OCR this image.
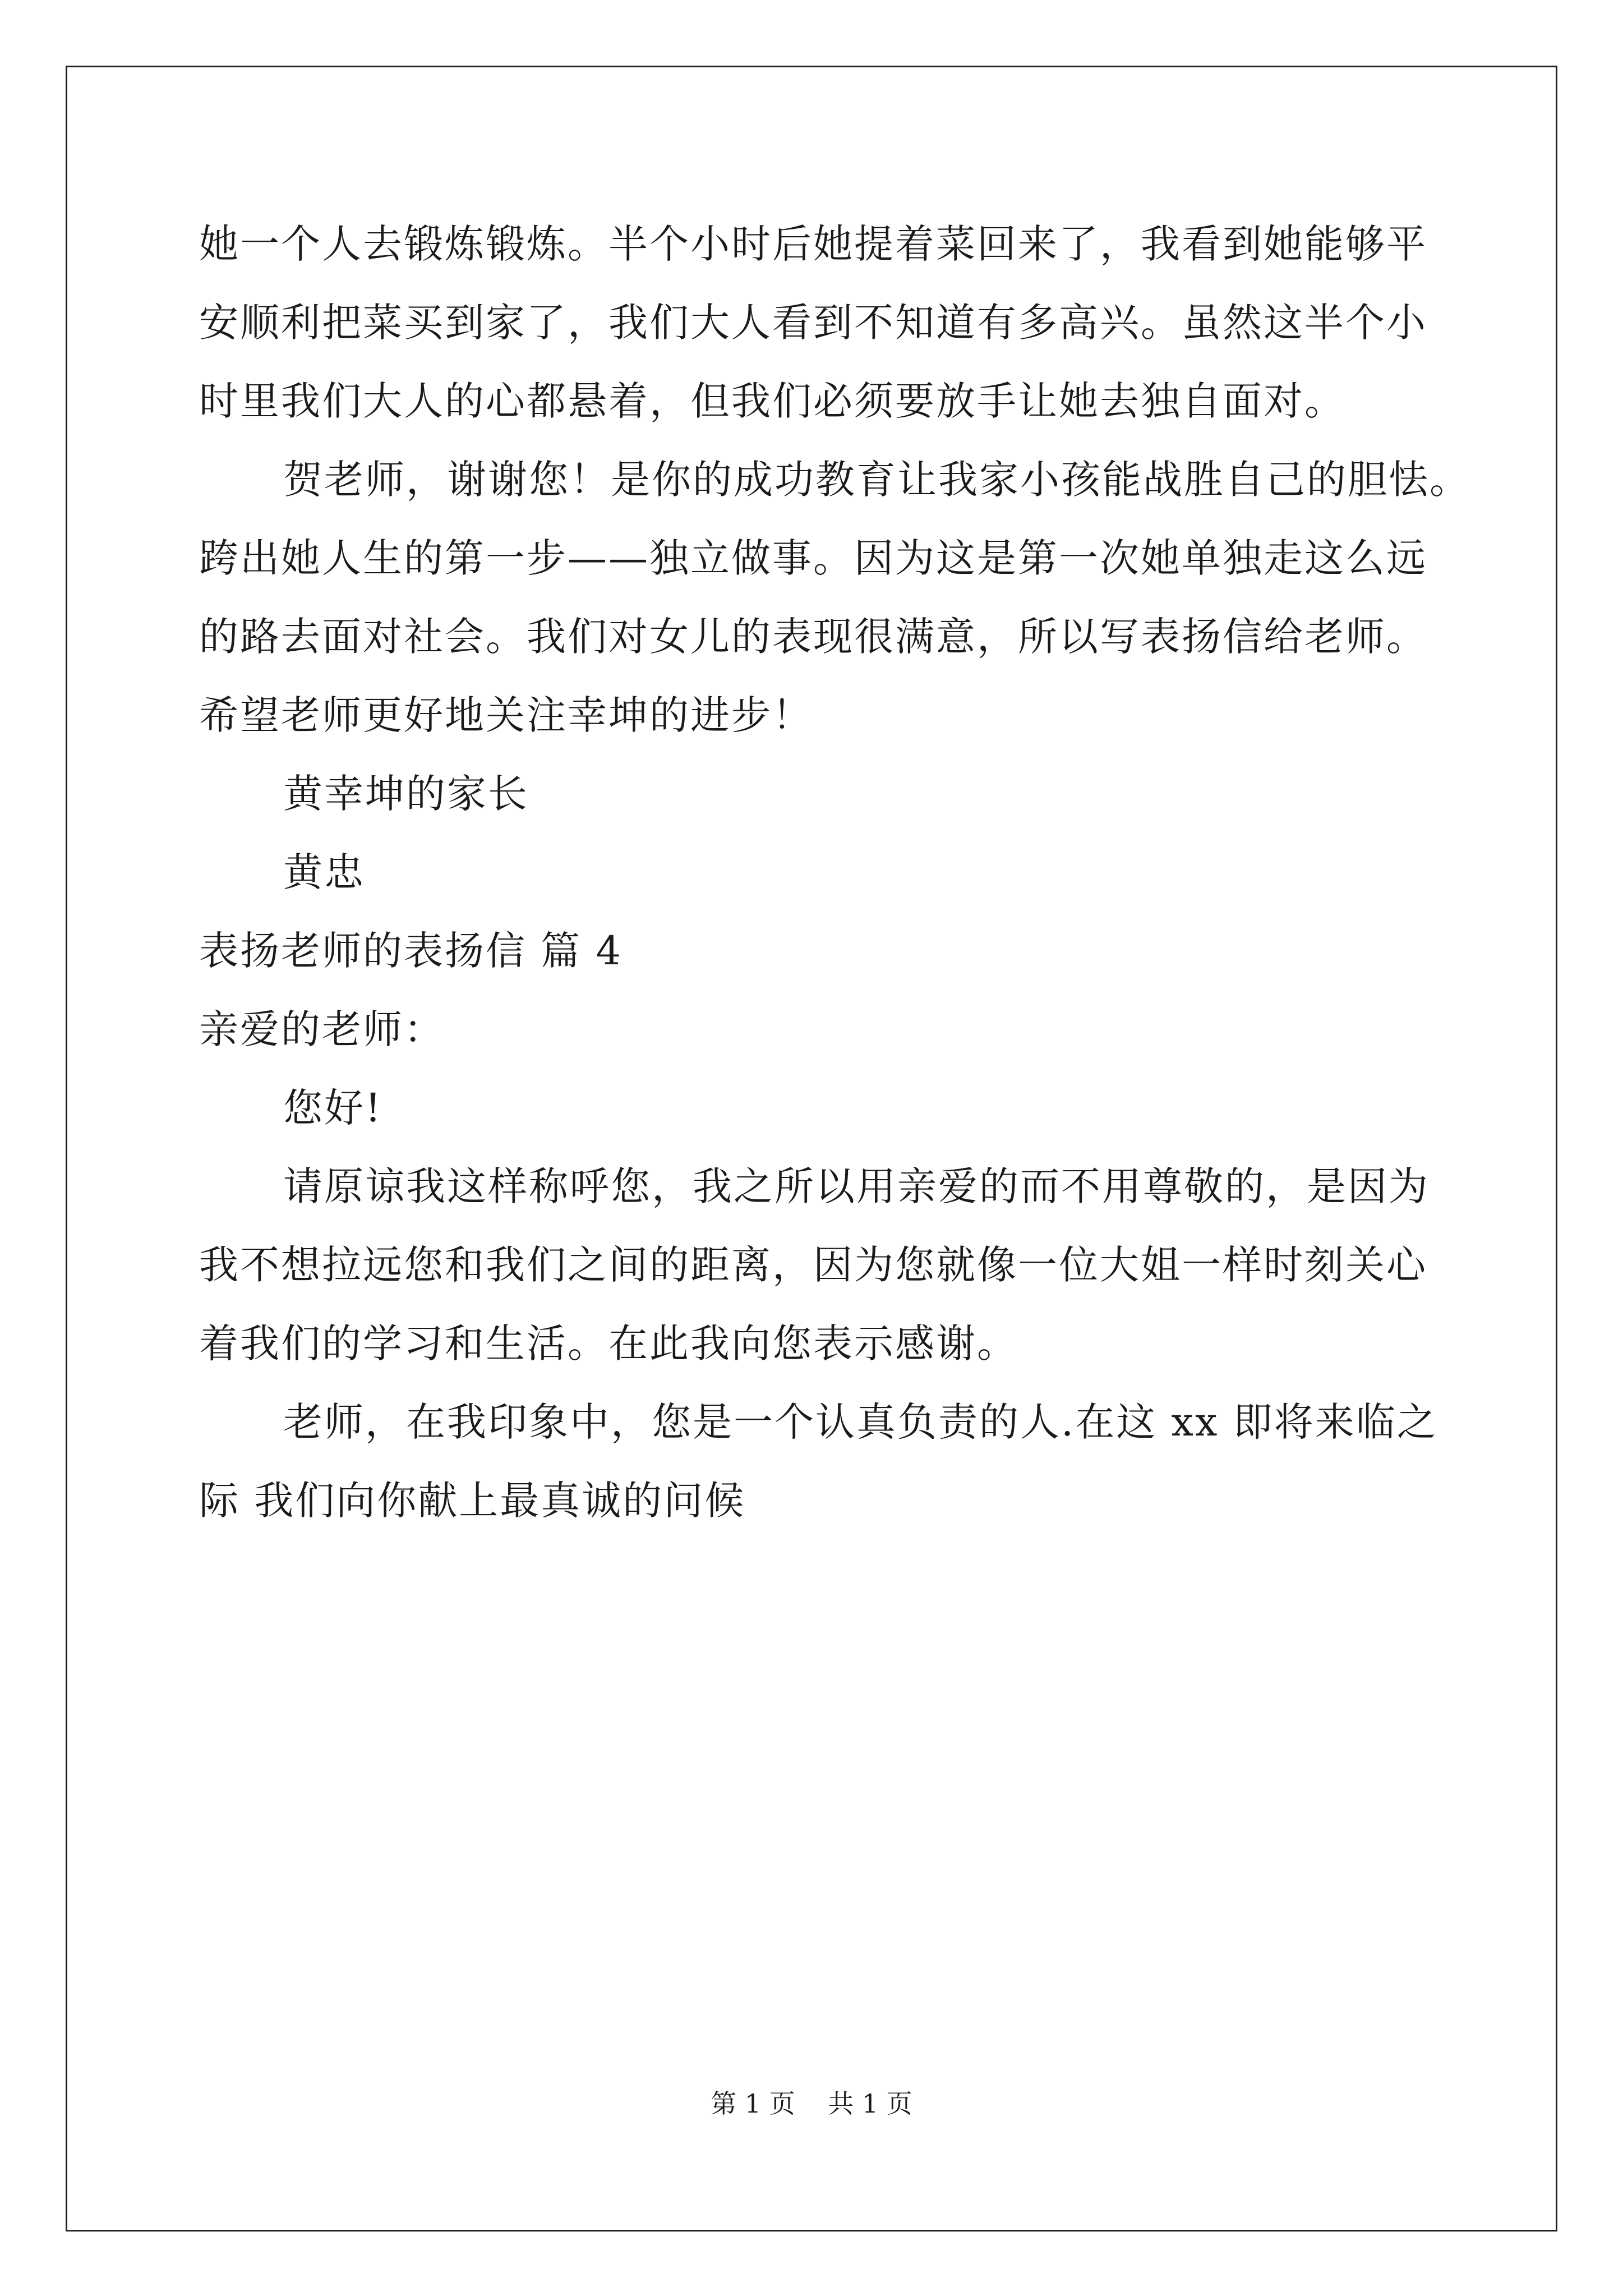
她一个人去锻炼锻炼。半个小时后她提着菜回来了，我看到她能够平
安顺利把菜买到家了，我们大人看到不知道有多高兴。虽然这半个小
时里我们大人的心都悬着，但我们必须要放手让她去独自面对。
贺老师，谢谢您！是你的成功教育让我家小孩能战胜自己的胆怯。
跨出她人生的第一步——独立做事。因为这是第一次她单独走这么远
的路去面对社会。我们对女儿的表现很满意，所以写表扬信给老师。
希望老师更好地关注幸坤的进步！
黄幸坤的家长
黄忠
表扬老师的表扬信 篇 4
亲爱的老师：
您好!
请原谅我这样称呼您，我之所以用亲爱的而不用尊敬的，是因为
我不想拉远您和我们之间的距离，因为您就像一位大姐一样时刻关心
着我们的学习和生活。在此我向您表示感谢。
老师，在我印象中，您是一个认真负责的人.在这 xx 即将来临之
际 我们向你献上最真诚的问候
第 1 页    共 1 页
